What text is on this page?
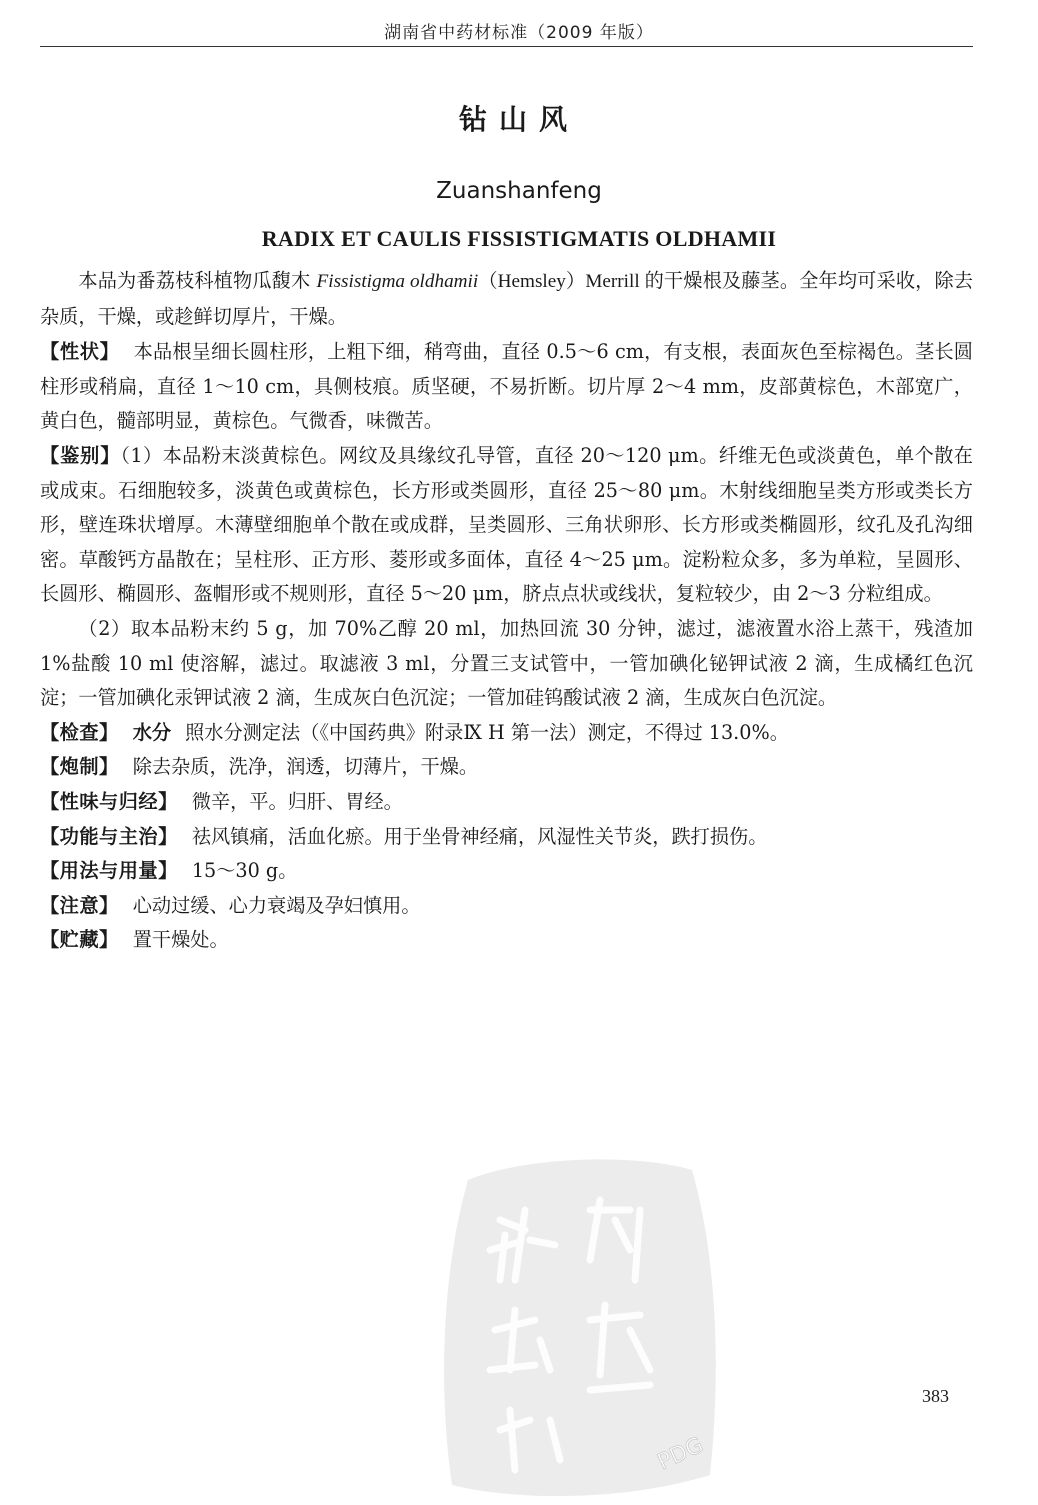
湖南省中药材标准（2009 年版）
钻山风
Zuanshanfeng
RADIX ET CAULIS FISSISTIGMATIS OLDHAMII

本品为番荔枝科植物瓜馥木 Fissistigma oldhamii（Hemsley）Merrill 的干燥根及藤茎。全年均可采收，除去杂质，干燥，或趁鲜切厚片，干燥。

【性状】 本品根呈细长圆柱形，上粗下细，稍弯曲，直径 0.5～6 cm，有支根，表面灰色至棕褐色。茎长圆柱形或稍扁，直径 1～10 cm，具侧枝痕。质坚硬，不易折断。切片厚 2～4 mm，皮部黄棕色，木部宽广，黄白色，髓部明显，黄棕色。气微香，味微苦。

【鉴别】（1）本品粉末淡黄棕色。网纹及具缘纹孔导管，直径 20～120 μm。纤维无色或淡黄色，单个散在或成束。石细胞较多，淡黄色或黄棕色，长方形或类圆形，直径 25～80 μm。木射线细胞呈类方形或类长方形，壁连珠状增厚。木薄壁细胞单个散在或成群，呈类圆形、三角状卵形、长方形或类椭圆形，纹孔及孔沟细密。草酸钙方晶散在；呈柱形、正方形、菱形或多面体，直径 4～25 μm。淀粉粒众多，多为单粒，呈圆形、长圆形、椭圆形、盔帽形或不规则形，直径 5～20 μm，脐点点状或线状，复粒较少，由 2～3 分粒组成。

（2）取本品粉末约 5 g，加 70%乙醇 20 ml，加热回流 30 分钟，滤过，滤液置水浴上蒸干，残渣加 1%盐酸 10 ml 使溶解，滤过。取滤液 3 ml，分置三支试管中，一管加碘化铋钾试液 2 滴，生成橘红色沉淀；一管加碘化汞钾试液 2 滴，生成灰白色沉淀；一管加硅钨酸试液 2 滴，生成灰白色沉淀。

【检查】 水分 照水分测定法（《中国药典》附录Ⅸ H 第一法）测定，不得过 13.0%。

【炮制】 除去杂质，洗净，润透，切薄片，干燥。

【性味与归经】 微辛，平。归肝、胃经。

【功能与主治】 祛风镇痛，活血化瘀。用于坐骨神经痛，风湿性关节炎，跌打损伤。

【用法与用量】 15～30 g。

【注意】 心动过缓、心力衰竭及孕妇慎用。

【贮藏】 置干燥处。

383
PDG
